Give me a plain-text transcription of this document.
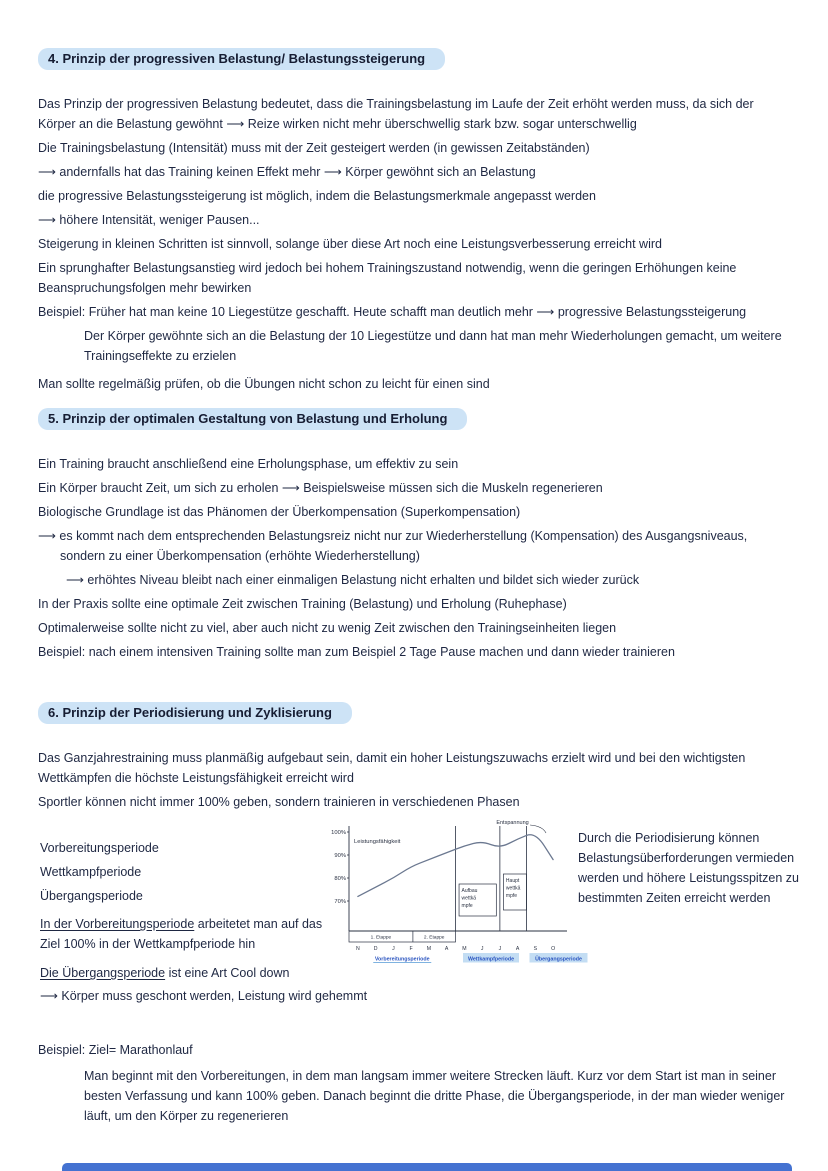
4. Prinzip der progressiven Belastung/ Belastungssteigerung

Das Prinzip der progressiven Belastung bedeutet, dass die Trainingsbelastung im Laufe der Zeit erhöht werden muss, da sich der Körper an die Belastung gewöhnt ⟶ Reize wirken nicht mehr überschwellig stark bzw. sogar unterschwellig

Die Trainingsbelastung (Intensität) muss mit der Zeit gesteigert werden (in gewissen Zeitabständen)

⟶ andernfalls hat das Training keinen Effekt mehr ⟶ Körper gewöhnt sich an Belastung

die progressive Belastungssteigerung ist möglich, indem die Belastungsmerkmale angepasst werden

⟶ höhere Intensität, weniger Pausen...

Steigerung in kleinen Schritten ist sinnvoll, solange über diese Art noch eine Leistungsverbesserung erreicht wird

Ein sprunghafter Belastungsanstieg wird jedoch bei hohem Trainingszustand notwendig, wenn die geringen Erhöhungen keine Beanspruchungsfolgen mehr bewirken

Beispiel: Früher hat man keine 10 Liegestütze geschafft. Heute schafft man deutlich mehr ⟶ progressive Belastungssteigerung

Der Körper gewöhnte sich an die Belastung der 10 Liegestütze und dann hat man mehr Wiederholungen gemacht, um weitere Trainingseffekte zu erzielen

Man sollte regelmäßig prüfen, ob die Übungen nicht schon zu leicht für einen sind

5. Prinzip der optimalen Gestaltung von Belastung und Erholung

Ein Training braucht anschließend eine Erholungsphase, um effektiv zu sein

Ein Körper braucht Zeit, um sich zu erholen ⟶ Beispielsweise müssen sich die Muskeln regenerieren

Biologische Grundlage ist das Phänomen der Überkompensation (Superkompensation)

⟶ es kommt nach dem entsprechenden Belastungsreiz nicht nur zur Wiederherstellung (Kompensation) des Ausgangsniveaus, sondern zu einer Überkompensation (erhöhte Wiederherstellung)

⟶ erhöhtes Niveau bleibt nach einer einmaligen Belastung nicht erhalten und bildet sich wieder zurück

In der Praxis sollte eine optimale Zeit zwischen Training (Belastung) und Erholung (Ruhephase)

Optimalerweise sollte nicht zu viel, aber auch nicht zu wenig Zeit zwischen den Trainingseinheiten liegen

Beispiel: nach einem intensiven Training sollte man zum Beispiel 2 Tage Pause machen und dann wieder trainieren

6. Prinzip der Periodisierung und Zyklisierung

Das Ganzjahrestraining muss planmäßig aufgebaut sein, damit ein hoher Leistungszuwachs erzielt wird und bei den wichtigsten Wettkämpfen die höchste Leistungsfähigkeit erreicht wird

Sportler können nicht immer 100% geben, sondern trainieren in verschiedenen Phasen

Vorbereitungsperiode
Wettkampfperiode
Übergangsperiode
100%
90%
80%
70%
Leistungsfähigkeit
Aufbau
wettkä
mpfe
Haupt
wettkä
mpfe
Entspannung
1. Etappe	2. Etappe
N	D	J	F	M	A	M	J	J	A	S	O
Vorbereitungsperiode	Wettkampfperiode	Übergangsperiode
Durch die Periodisierung können Belastungsüberforderungen vermieden werden und höhere Leistungsspitzen zu bestimmten Zeiten erreicht werden

In der Vorbereitungsperiode arbeitetet man auf das Ziel 100% in der Wettkampfperiode hin

Die Übergangsperiode ist eine Art Cool down

⟶ Körper muss geschont werden, Leistung wird gehemmt

Beispiel: Ziel= Marathonlauf

Man beginnt mit den Vorbereitungen, in dem man langsam immer weitere Strecken läuft. Kurz vor dem Start ist man in seiner besten Verfassung und kann 100% geben. Danach beginnt die dritte Phase, die Übergangsperiode, in der man wieder weniger läuft, um den Körper zu regenerieren
